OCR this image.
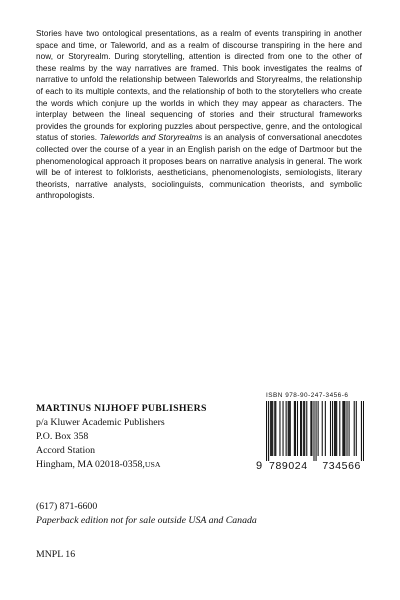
Stories have two ontological presentations, as a realm of events transpiring in another space and time, or Taleworld, and as a realm of discourse transpiring in the here and now, or Storyrealm. During storytelling, attention is directed from one to the other of these realms by the way narratives are framed. This book investigates the realms of narrative to unfold the relationship between Taleworlds and Storyrealms, the relationship of each to its multiple contexts, and the relationship of both to the storytellers who create the words which conjure up the worlds in which they may appear as characters. The interplay between the lineal sequencing of stories and their structural frameworks provides the grounds for exploring puzzles about perspective, genre, and the ontological status of stories. Taleworlds and Storyrealms is an analysis of conversational anecdotes collected over the course of a year in an English parish on the edge of Dartmoor but the phenomenological approach it proposes bears on narrative analysis in general. The work will be of interest to folklorists, aestheticians, phenomenologists, semiologists, literary theorists, narrative analysts, sociolinguists, communication theorists, and symbolic anthropologists.

ISBN 978-90-247-3456-6
9 789024 734566
MARTINUS NIJHOFF PUBLISHERS
p/a Kluwer Academic Publishers
P.O. Box 358
Accord Station
Hingham, MA 02018-0358,USA
(617) 871-6600
Paperback edition not for sale outside USA and Canada
MNPL 16
